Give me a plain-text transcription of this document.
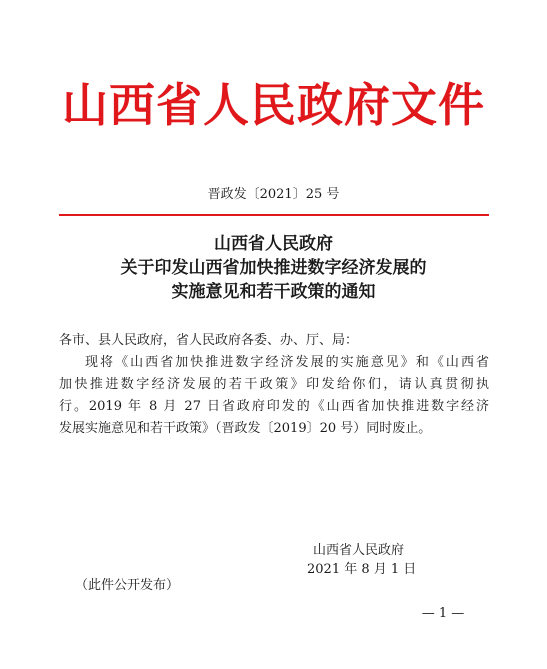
山西省人民政府文件
晋政发〔2021〕25 号
山西省人民政府
关于印发山西省加快推进数字经济发展的
实施意见和若干政策的通知
各市、县人民政府，省人民政府各委、办、厅、局：
现将《山西省加快推进数字经济发展的实施意见》和《山西省
加快推进数字经济发展的若干政策》印发给你们，请认真贯彻执
行。2019 年 8 月 27 日省政府印发的《山西省加快推进数字经济
发展实施意见和若干政策》（晋政发〔2019〕20 号）同时废止。
山西省人民政府
2021 年 8 月 1 日
（此件公开发布）
— 1 —
